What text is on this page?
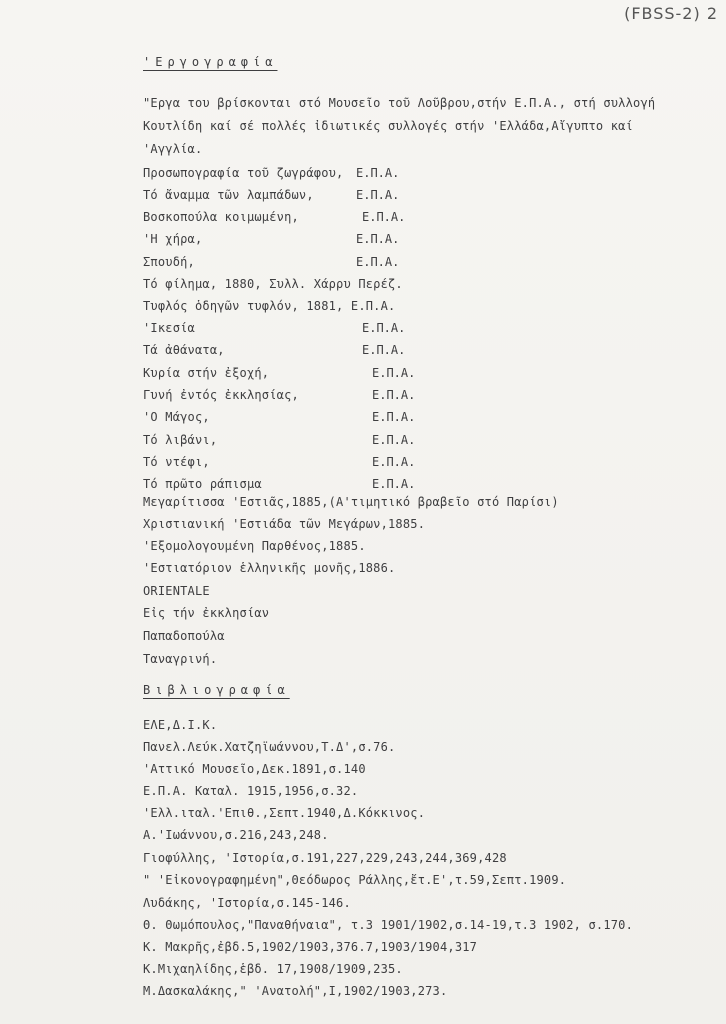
(FBSS-2) 2
'Εργογραφία
"Εργα του βρίσκονται στό Μουσεῖο τοῦ Λοῦβρου,στήν Ε.Π.Α., στή συλλογή
Κουτλίδη καί σέ πολλές ἰδιωτικές συλλογές στήν 'Ελλάδα,Αἴγυπτο καί
'Αγγλία.
Προσωπογραφία τοῦ ζωγράφου, Ε.Π.Α.
Τό ἄναμμα τῶν λαμπάδων,	Ε.Π.Α.
Βοσκοπούλα κοιμωμένη,	Ε.Π.Α.
'Η χήρα,	Ε.Π.Α.
Σπουδή,	Ε.Π.Α.
Τό φίλημα, 1880, Συλλ. Χάρρυ Περέζ.
Τυφλός ὁδηγῶν τυφλόν, 1881, Ε.Π.Α.
'Ικεσία	Ε.Π.Α.
Τά ἀθάνατα,	Ε.Π.Α.
Κυρία στήν ἐξοχή,	Ε.Π.Α.
Γυνή ἐντός ἐκκλησίας,	Ε.Π.Α.
'Ο Μάγος,	Ε.Π.Α.
Τό λιβάνι,	Ε.Π.Α.
Τό ντέφι,	Ε.Π.Α.
Τό πρῶτο ράπισμα	Ε.Π.Α.
Μεγαρίτισσα 'Εστιᾶς,1885,(Α'τιμητικό βραβεῖο στό Παρίσι)
Χριστιανική 'Εστιάδα τῶν Μεγάρων,1885.
'Εξομολογουμένη Παρθένος,1885.
'Εστιατόριον ἑλληνικῆς μονῆς,1886.
ORIENTALE
Εἰς τήν ἐκκλησίαν
Παπαδοπούλα
Ταναγρινή.
Βιβλιογραφία
ΕΛΕ,Δ.Ι.Κ.
Πανελ.Λεύκ.Χατζηϊωάννου,Τ.Δ',σ.76.
'Αττικό Μουσεῖο,Δεκ.1891,σ.140
Ε.Π.Α. Καταλ. 1915,1956,σ.32.
'Ελλ.ιταλ.'Επιθ.,Σεπτ.1940,Δ.Κόκκινος.
Α.'Ιωάννου,σ.216,243,248.
Γιοφύλλης, 'Ιστορία,σ.191,227,229,243,244,369,428
" 'Εἰκονογραφημένη",Θεόδωρος Ράλλης,ἔτ.Ε',τ.59,Σεπτ.1909.
Λυδάκης, 'Ιστορία,σ.145-146.
Θ. Θωμόπουλος,"Παναθήναια", τ.3 1901/1902,σ.14-19,τ.3 1902, σ.170.
Κ. Μακρῆς,ἐβδ.5,1902/1903,376.7,1903/1904,317
Κ.Μιχαηλίδης,ἑβδ. 17,1908/1909,235.
Μ.Δασκαλάκης," 'Ανατολή",Ι,1902/1903,273.
